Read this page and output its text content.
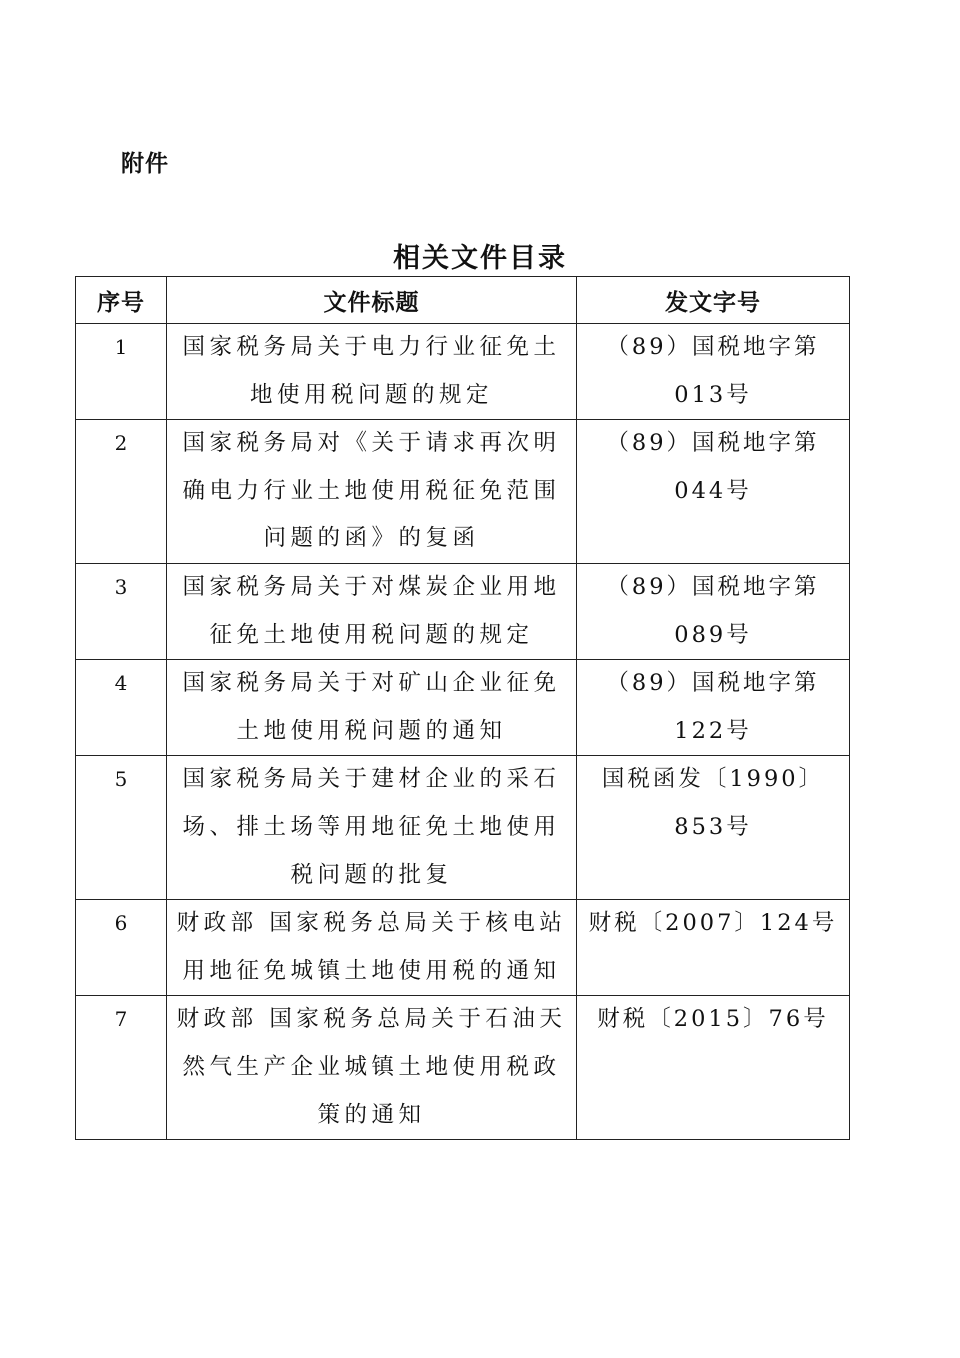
附件
相关文件目录
序号	文件标题	发文字号
1	国家税务局关于电力行业征免土地使用税问题的规定	（89）国税地字第013号
2	国家税务局对《关于请求再次明确电力行业土地使用税征免范围问题的函》的复函	（89）国税地字第044号
3	国家税务局关于对煤炭企业用地征免土地使用税问题的规定	（89）国税地字第089号
4	国家税务局关于对矿山企业征免土地使用税问题的通知	（89）国税地字第122号
5	国家税务局关于建材企业的采石场、排土场等用地征免土地使用税问题的批复	国税函发〔1990〕853号
6	财政部 国家税务总局关于核电站用地征免城镇土地使用税的通知	财税〔2007〕124号
7	财政部 国家税务总局关于石油天然气生产企业城镇土地使用税政策的通知	财税〔2015〕76号
